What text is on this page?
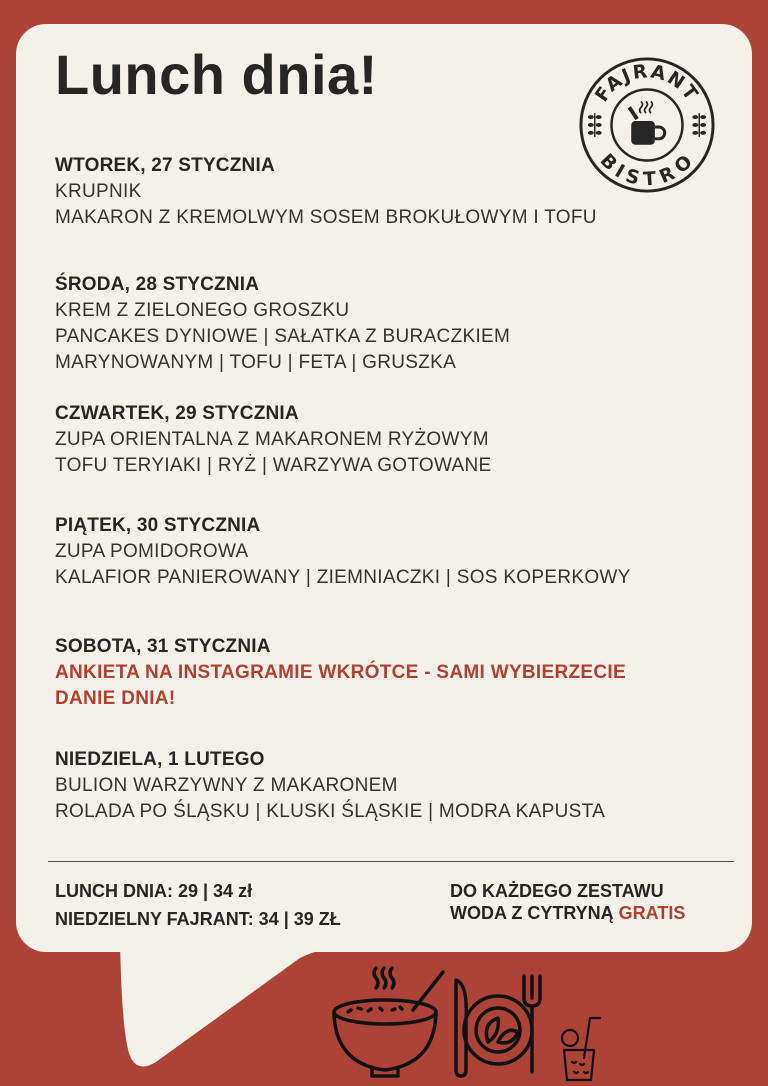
Lunch dnia!	FAJRANT
BISTRO
WTOREK, 27 STYCZNIA
KRUPNIK
MAKARON Z KREMOLWYM SOSEM BROKUŁOWYM I TOFU
ŚRODA, 28 STYCZNIA
KREM Z ZIELONEGO GROSZKU
PANCAKES DYNIOWE | SAŁATKA Z BURACZKIEM
MARYNOWANYM | TOFU | FETA | GRUSZKA
CZWARTEK, 29 STYCZNIA
ZUPA ORIENTALNA Z MAKARONEM RYŻOWYM
TOFU TERYIAKI | RYŻ | WARZYWA GOTOWANE
PIĄTEK, 30 STYCZNIA
ZUPA POMIDOROWA
KALAFIOR PANIEROWANY | ZIEMNIACZKI | SOS KOPERKOWY
SOBOTA, 31 STYCZNIA
ANKIETA NA INSTAGRAMIE WKRÓTCE - SAMI WYBIERZECIE
DANIE DNIA!
NIEDZIELA, 1 LUTEGO
BULION WARZYWNY Z MAKARONEM
ROLADA PO ŚLĄSKU | KLUSKI ŚLĄSKIE | MODRA KAPUSTA
LUNCH DNIA: 29 | 34 zł
NIEDZIELNY FAJRANT: 34 | 39 ZŁ
DO KAŻDEGO ZESTAWU
WODA Z CYTRYNĄ GRATIS
